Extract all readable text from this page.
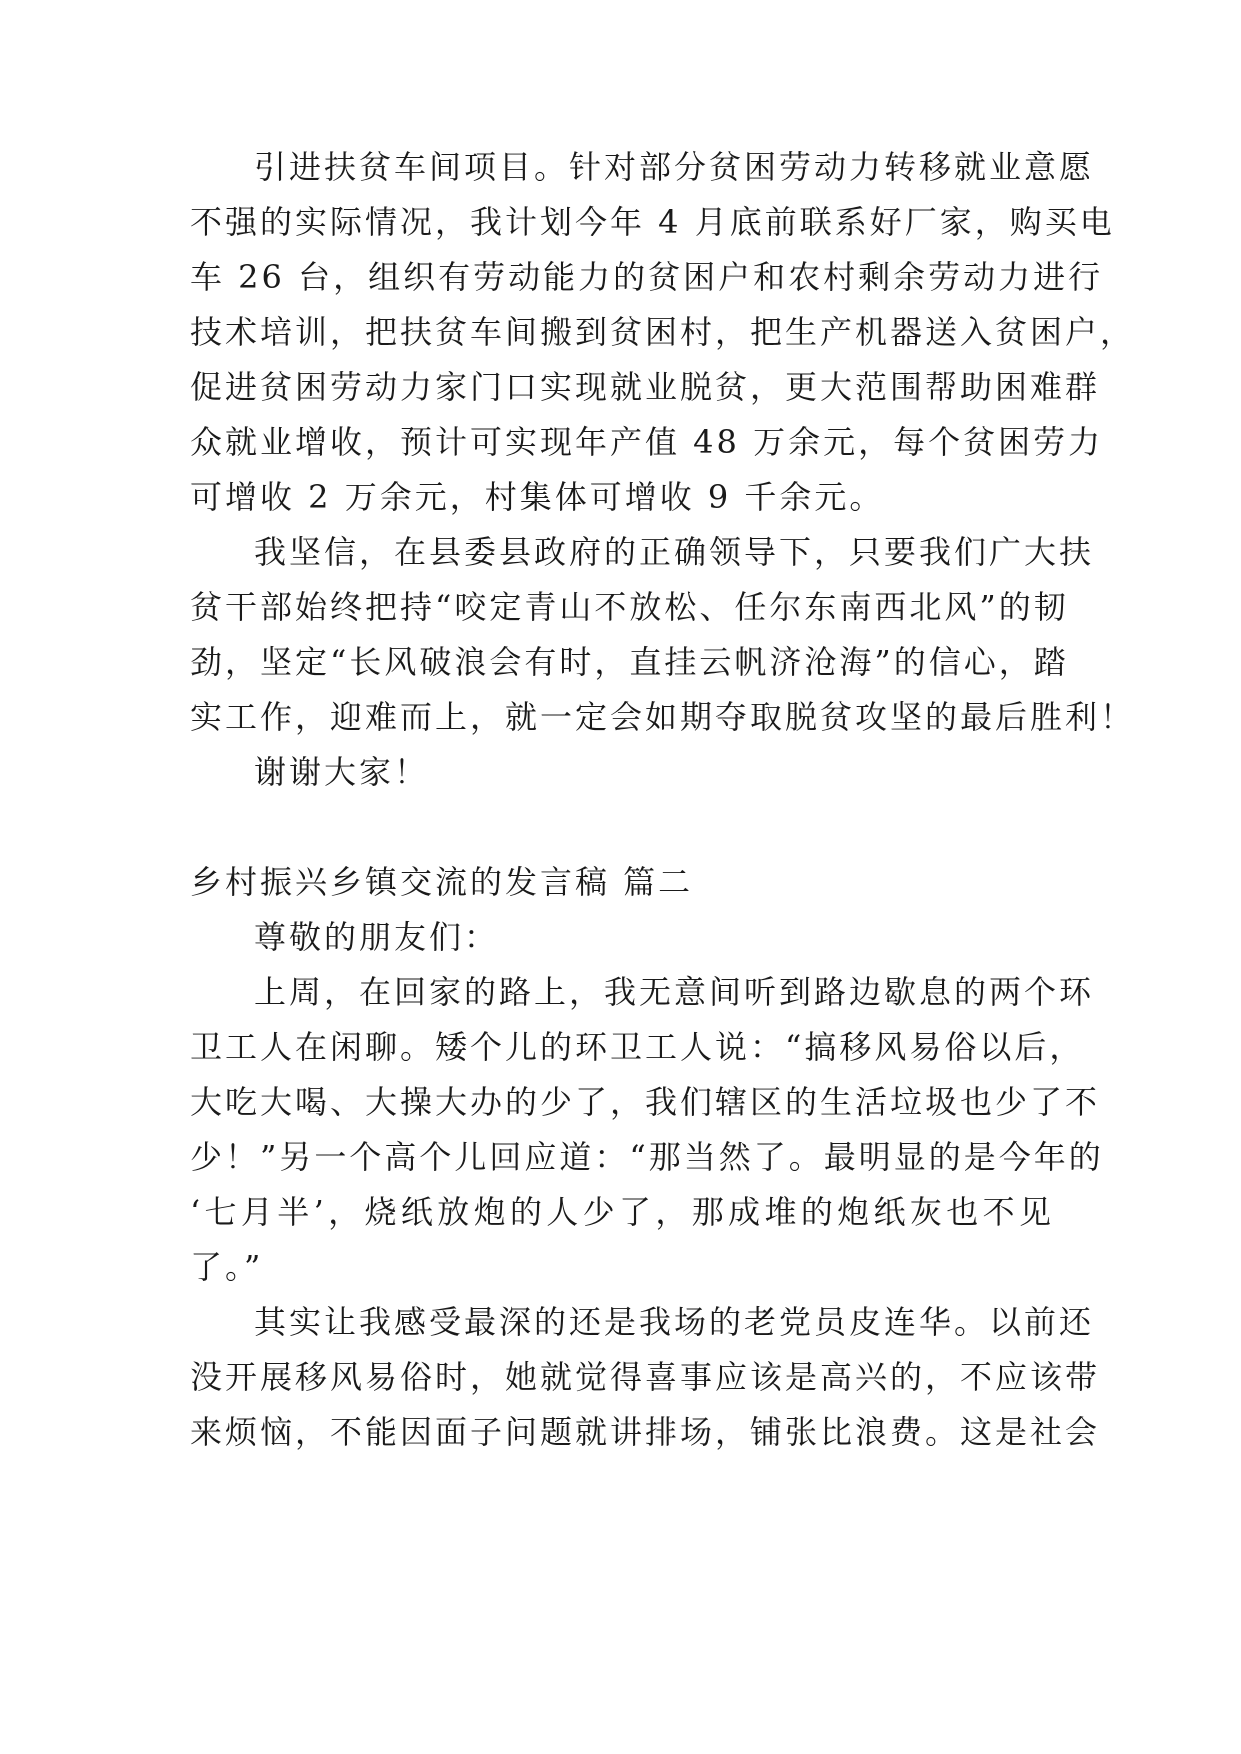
引进扶贫车间项目。针对部分贫困劳动力转移就业意愿
不强的实际情况，我计划今年 4 月底前联系好厂家，购买电
车 26 台，组织有劳动能力的贫困户和农村剩余劳动力进行
技术培训，把扶贫车间搬到贫困村，把生产机器送入贫困户，
促进贫困劳动力家门口实现就业脱贫，更大范围帮助困难群
众就业增收，预计可实现年产值 48 万余元，每个贫困劳力
可增收 2 万余元，村集体可增收 9 千余元。
我坚信，在县委县政府的正确领导下，只要我们广大扶
贫干部始终把持“咬定青山不放松、任尔东南西北风”的韧
劲，坚定“长风破浪会有时，直挂云帆济沧海”的信心，踏
实工作，迎难而上，就一定会如期夺取脱贫攻坚的最后胜利！
谢谢大家！
乡村振兴乡镇交流的发言稿 篇二
尊敬的朋友们：
上周，在回家的路上，我无意间听到路边歇息的两个环
卫工人在闲聊。矮个儿的环卫工人说：“搞移风易俗以后，
大吃大喝、大操大办的少了，我们辖区的生活垃圾也少了不
少！”另一个高个儿回应道：“那当然了。最明显的是今年的
‘七月半’，烧纸放炮的人少了，那成堆的炮纸灰也不见
了。”
其实让我感受最深的还是我场的老党员皮连华。以前还
没开展移风易俗时，她就觉得喜事应该是高兴的，不应该带
来烦恼，不能因面子问题就讲排场，铺张比浪费。这是社会
